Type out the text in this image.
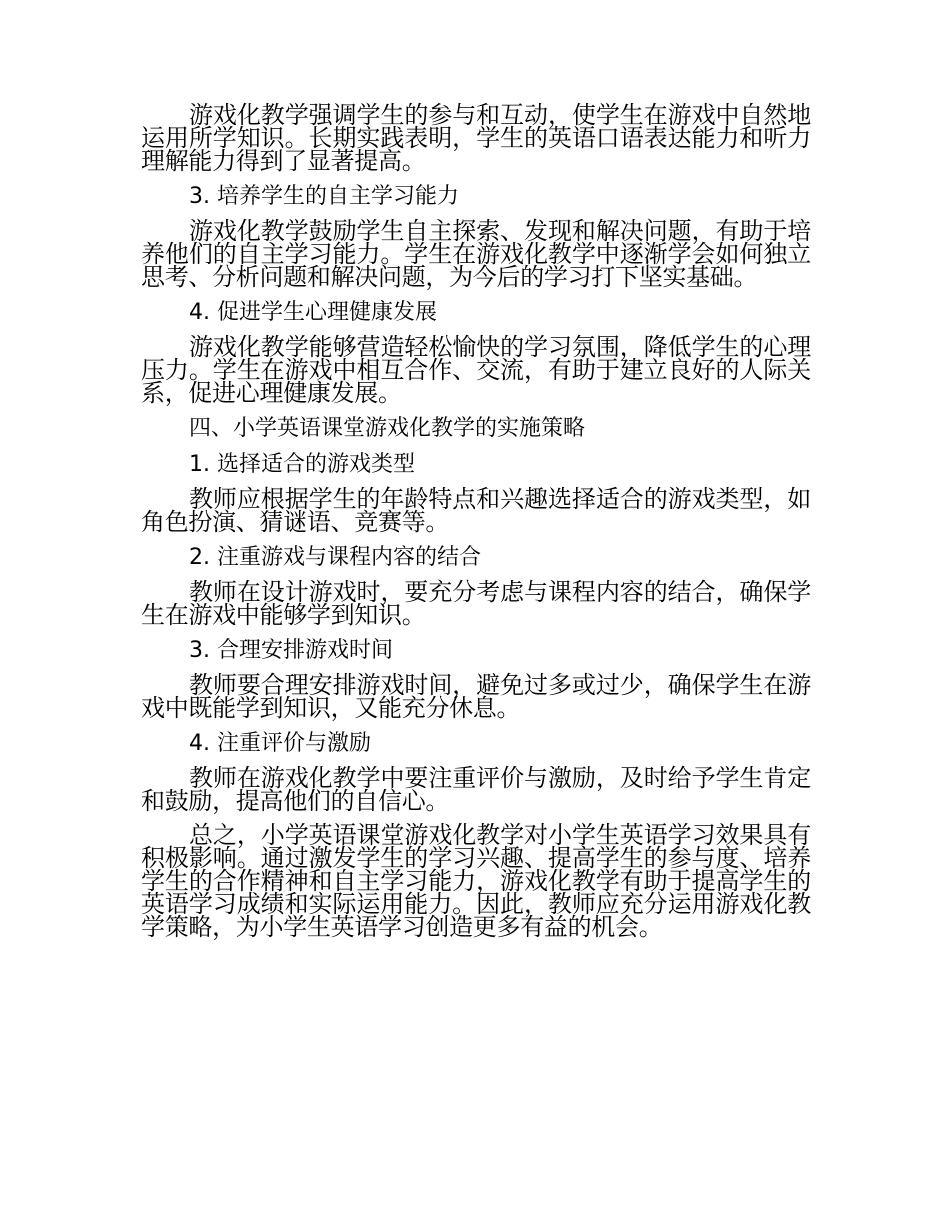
游戏化教学强调学生的参与和互动，使学生在游戏中自然地运用所学知识。长期实践表明，学生的英语口语表达能力和听力理解能力得到了显著提高。

3. 培养学生的自主学习能力

游戏化教学鼓励学生自主探索、发现和解决问题，有助于培养他们的自主学习能力。学生在游戏化教学中逐渐学会如何独立思考、分析问题和解决问题，为今后的学习打下坚实基础。

4. 促进学生心理健康发展

游戏化教学能够营造轻松愉快的学习氛围，降低学生的心理压力。学生在游戏中相互合作、交流，有助于建立良好的人际关系，促进心理健康发展。

四、小学英语课堂游戏化教学的实施策略

1. 选择适合的游戏类型

教师应根据学生的年龄特点和兴趣选择适合的游戏类型，如角色扮演、猜谜语、竞赛等。

2. 注重游戏与课程内容的结合

教师在设计游戏时，要充分考虑与课程内容的结合，确保学生在游戏中能够学到知识。

3. 合理安排游戏时间

教师要合理安排游戏时间，避免过多或过少，确保学生在游戏中既能学到知识，又能充分休息。

4. 注重评价与激励

教师在游戏化教学中要注重评价与激励，及时给予学生肯定和鼓励，提高他们的自信心。

总之，小学英语课堂游戏化教学对小学生英语学习效果具有积极影响。通过激发学生的学习兴趣、提高学生的参与度、培养学生的合作精神和自主学习能力，游戏化教学有助于提高学生的英语学习成绩和实际运用能力。因此，教师应充分运用游戏化教学策略，为小学生英语学习创造更多有益的机会。
